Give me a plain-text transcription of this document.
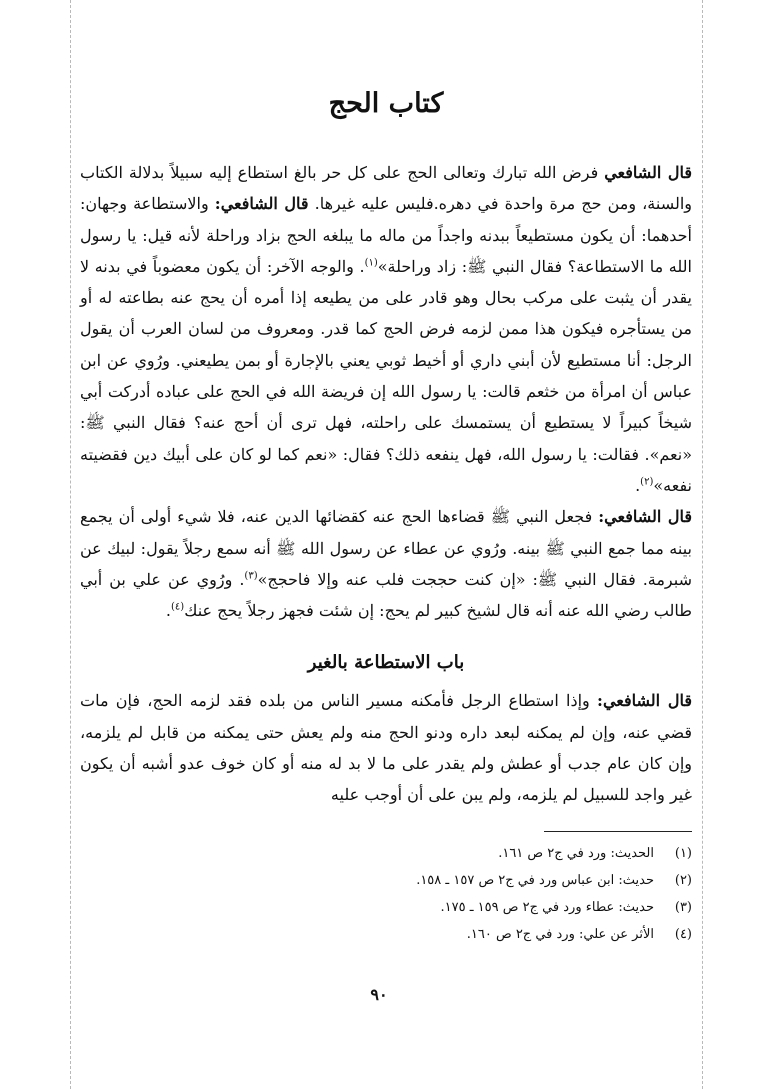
كتاب الحج

قال الشافعي فرض الله تبارك وتعالى الحج على كل حر بالغ استطاع إليه سبيلاً بدلالة الكتاب والسنة، ومن حج مرة واحدة في دهره.فليس عليه غيرها. قال الشافعي: والاستطاعة وجهان: أحدهما: أن يكون مستطيعاً ببدنه واجداً من ماله ما يبلغه الحج بزاد وراحلة لأنه قيل: يا رسول الله ما الاستطاعة؟ فقال النبي ﷺ: زاد وراحلة»$^{(١)}$. والوجه الآخر: أن يكون معضوباً في بدنه لا يقدر أن يثبت على مركب بحال وهو قادر على من يطيعه إذا أمره أن يحج عنه بطاعته له أو من يستأجره فيكون هذا ممن لزمه فرض الحج كما قدر. ومعروف من لسان العرب أن يقول الرجل: أنا مستطيع لأن أبني داري أو أخيط ثوبي يعني بالإجارة أو بمن يطيعني. ورُوي عن ابن عباس أن امرأة من خثعم قالت: يا رسول الله إن فريضة الله في الحج على عباده أدركت أبي شيخاً كبيراً لا يستطيع أن يستمسك على راحلته، فهل ترى أن أحج عنه؟ فقال النبي ﷺ: «نعم». فقالت: يا رسول الله، فهل ينفعه ذلك؟ فقال: «نعم كما لو كان على أبيك دين فقضيته نفعه»$^{(٢)}$.

قال الشافعي: فجعل النبي ﷺ قضاءها الحج عنه كقضائها الدين عنه، فلا شيء أولى أن يجمع بينه مما جمع النبي ﷺ بينه. ورُوي عن عطاء عن رسول الله ﷺ أنه سمع رجلاً يقول: لبيك عن شبرمة. فقال النبي ﷺ: «إن كنت حججت فلب عنه وإلا فاحجج»$^{(٣)}$. ورُوي عن علي بن أبي طالب رضي الله عنه أنه قال لشيخ كبير لم يحج: إن شئت فجهز رجلاً يحج عنك$^{(٤)}$.

باب الاستطاعة بالغير

قال الشافعي: وإذا استطاع الرجل فأمكنه مسير الناس من بلده فقد لزمه الحج، فإن مات قضي عنه، وإن لم يمكنه لبعد داره ودنو الحج منه ولم يعش حتى يمكنه من قابل لم يلزمه، وإن كان عام جدب أو عطش ولم يقدر على ما لا بد له منه أو كان خوف عدو أشبه أن يكون غير واجد للسبيل لم يلزمه، ولم يبن على أن أوجب عليه

(١)الحديث: ورد في ج٢ ص ١٦١.
(٢)حديث: ابن عباس ورد في ج٢ ص ١٥٧ ـ ١٥٨.
(٣)حديث: عطاء ورد في ج٢ ص ١٥٩ ـ ١٧٥.
(٤)الأثر عن علي: ورد في ج٢ ص ١٦٠.
٩٠
